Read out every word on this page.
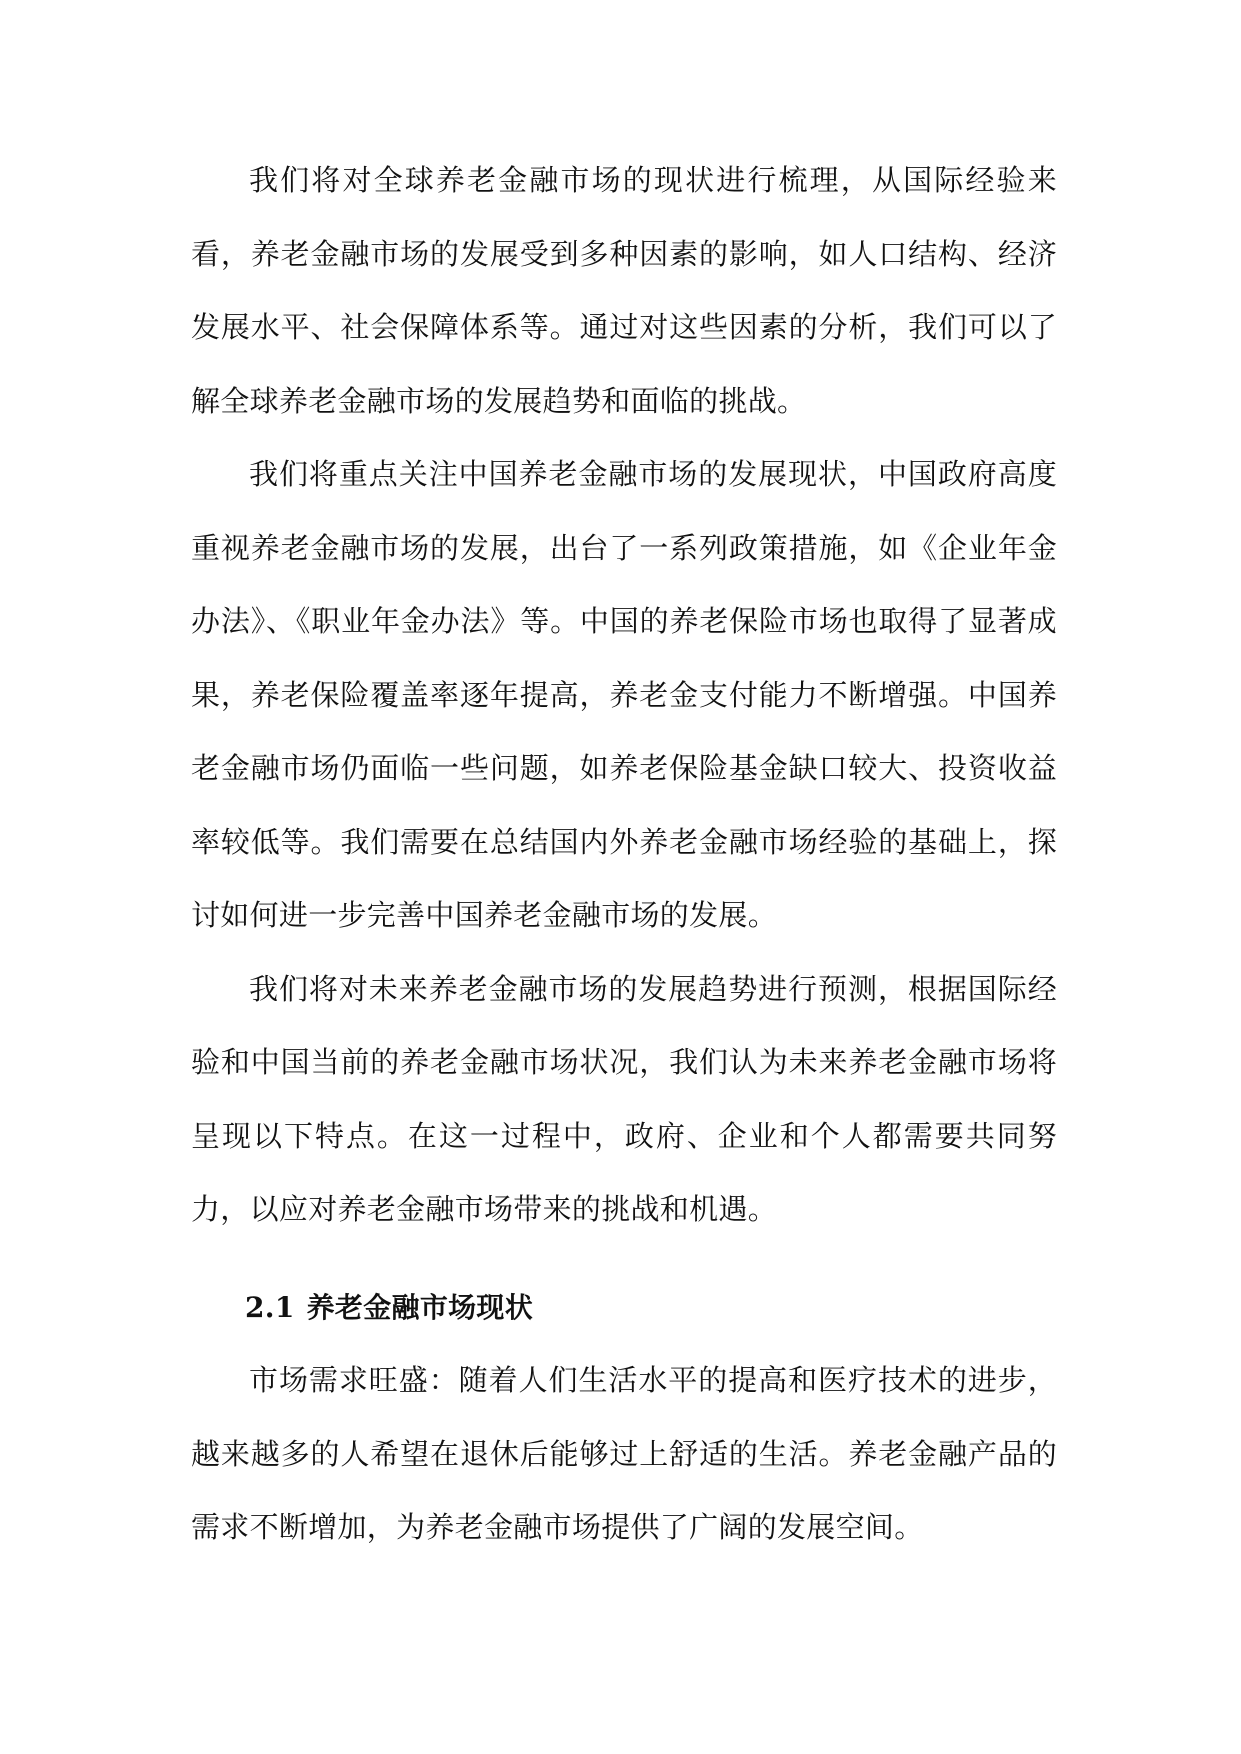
我们将对全球养老金融市场的现状进行梳理，从国际经验来看，养老金融市场的发展受到多种因素的影响，如人口结构、经济发展水平、社会保障体系等。通过对这些因素的分析，我们可以了解全球养老金融市场的发展趋势和面临的挑战。

我们将重点关注中国养老金融市场的发展现状，中国政府高度重视养老金融市场的发展，出台了一系列政策措施，如《企业年金办法》、《职业年金办法》等。中国的养老保险市场也取得了显著成果，养老保险覆盖率逐年提高，养老金支付能力不断增强。中国养老金融市场仍面临一些问题，如养老保险基金缺口较大、投资收益率较低等。我们需要在总结国内外养老金融市场经验的基础上，探讨如何进一步完善中国养老金融市场的发展。

我们将对未来养老金融市场的发展趋势进行预测，根据国际经验和中国当前的养老金融市场状况，我们认为未来养老金融市场将呈现以下特点。在这一过程中，政府、企业和个人都需要共同努力，以应对养老金融市场带来的挑战和机遇。

2.1 养老金融市场现状

市场需求旺盛：随着人们生活水平的提高和医疗技术的进步，越来越多的人希望在退休后能够过上舒适的生活。养老金融产品的需求不断增加，为养老金融市场提供了广阔的发展空间。
